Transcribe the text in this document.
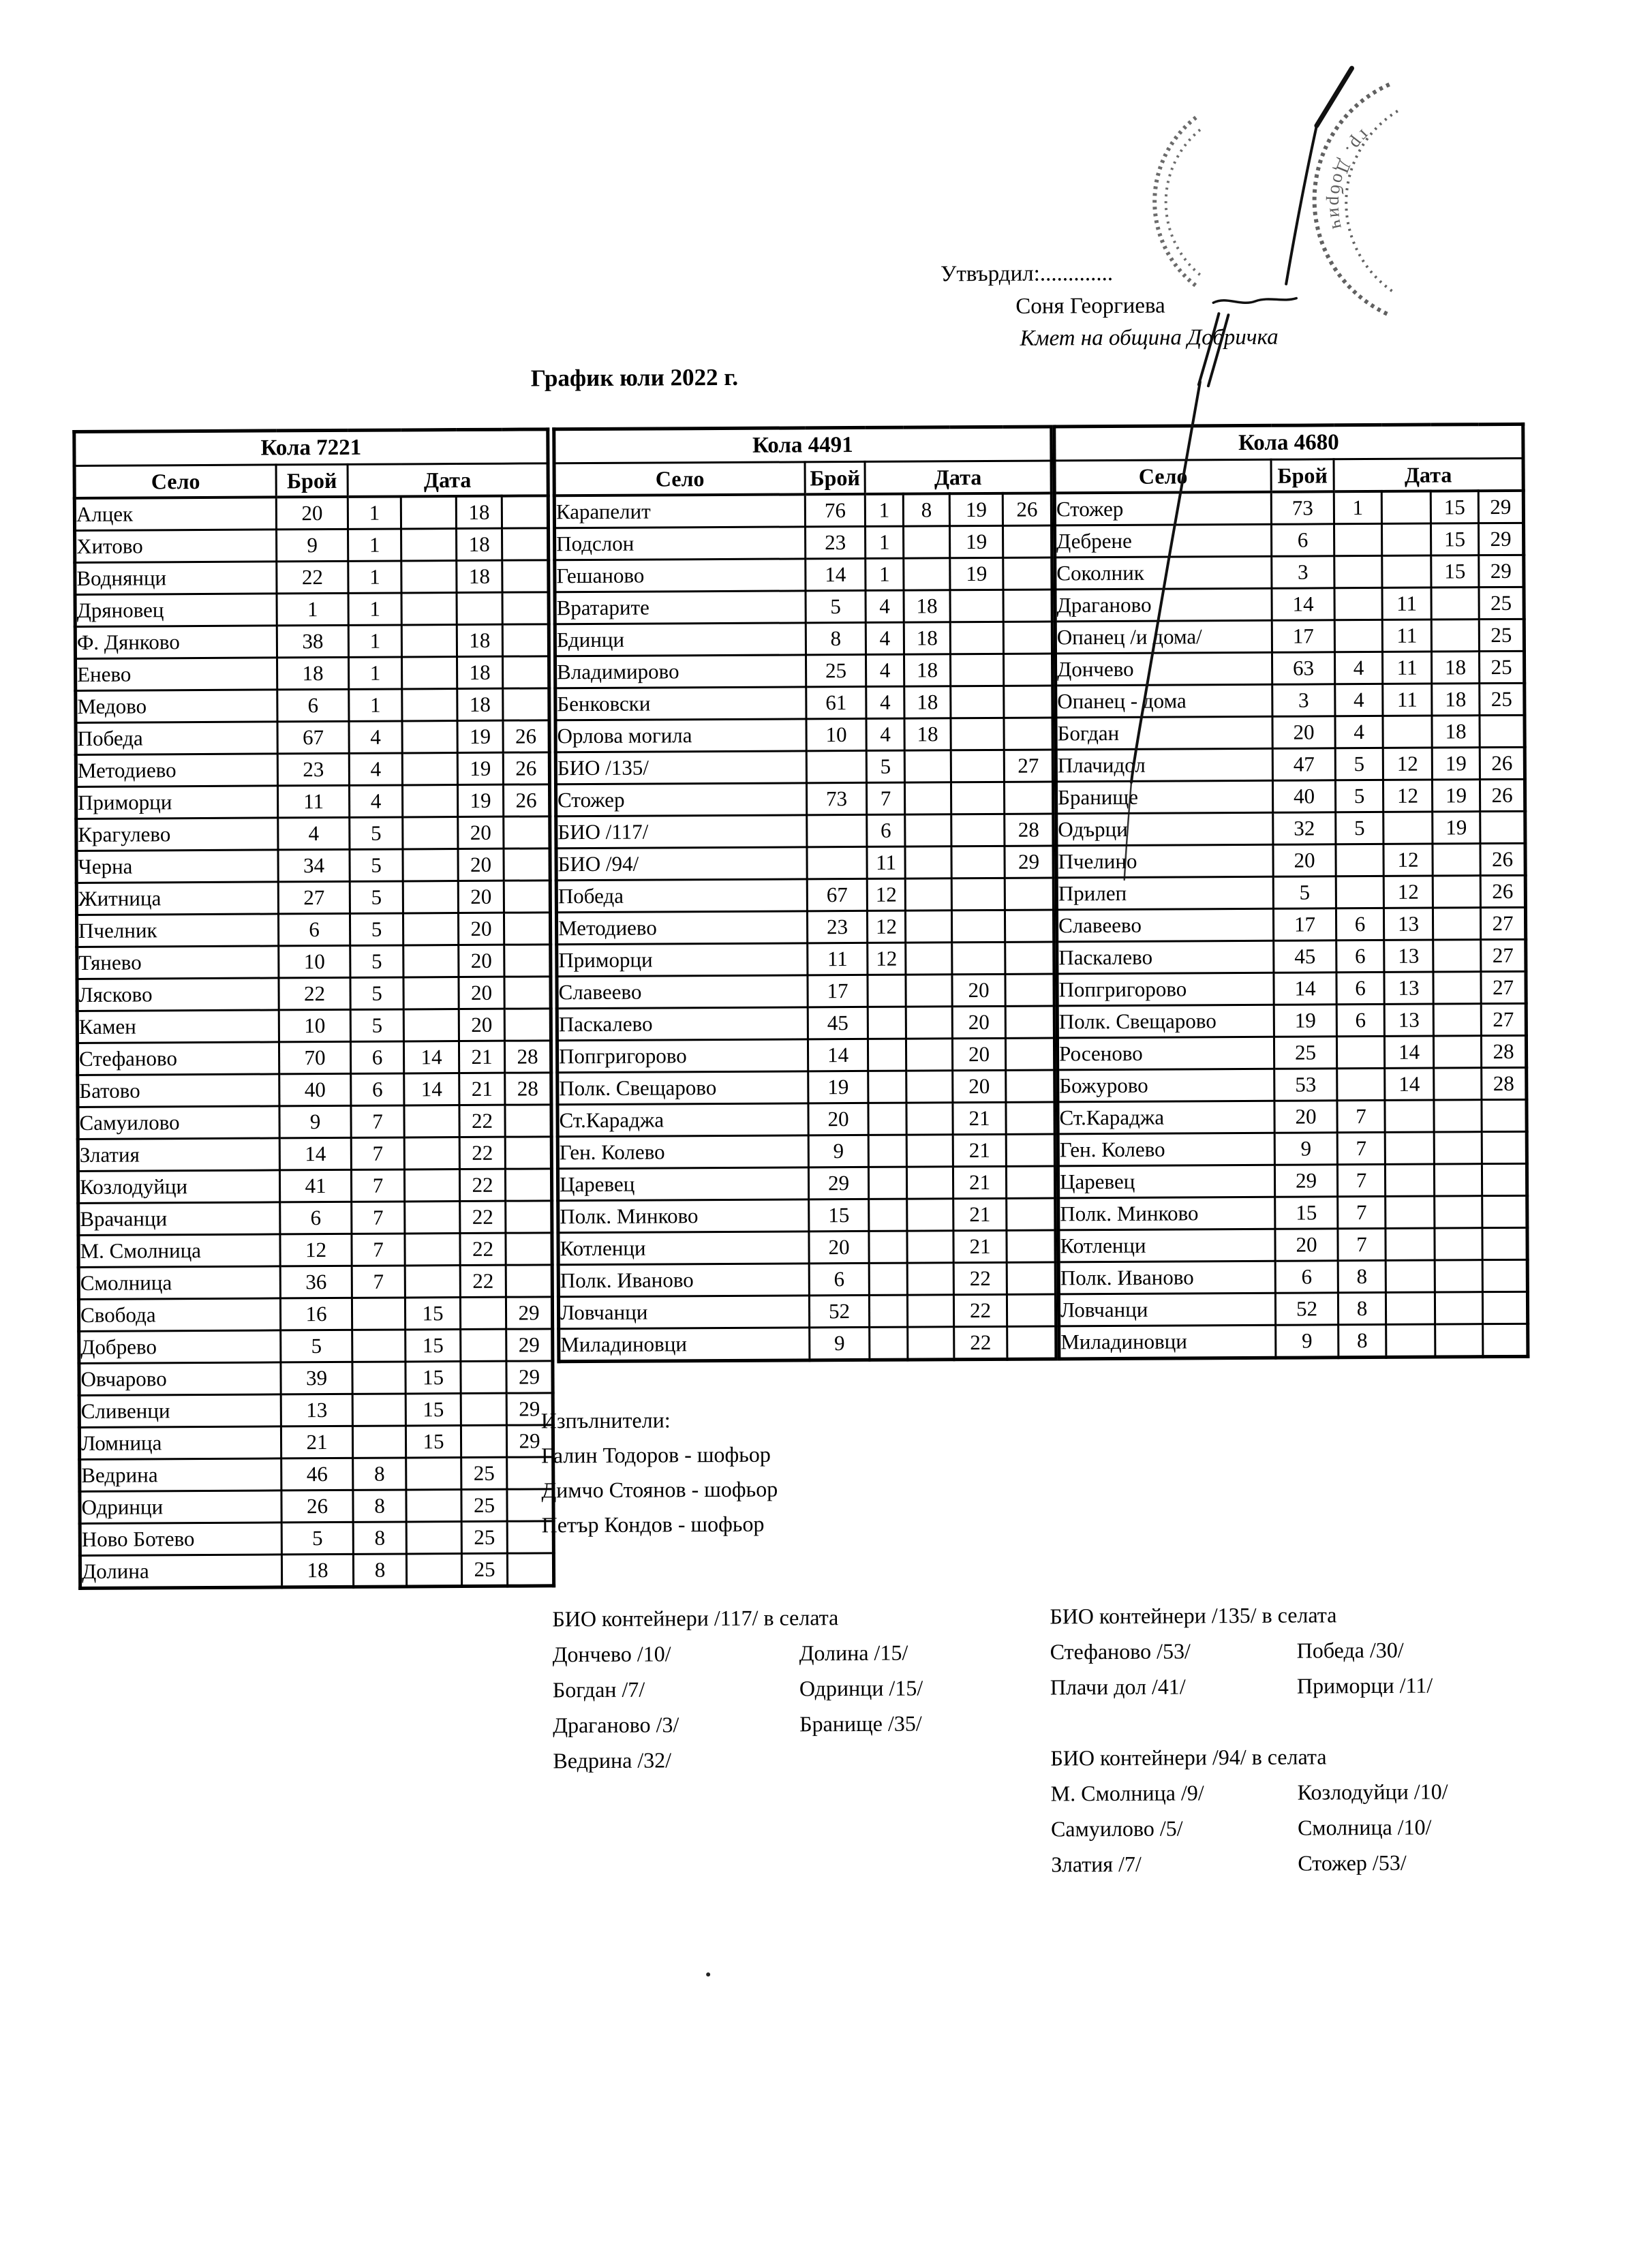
Утвърдил:.............
Соня Георгиева
Кмет на община Добричка
График юли 2022 г.
Кола 7221					
Село	Брой	Дата			
Алцек	20	1		18	
Хитово	9	1		18	
Воднянци	22	1		18	
Дряновец	1	1			
Ф. Дянково	38	1		18	
Енево	18	1		18	
Медово	6	1		18	
Победа	67	4		19	26
Методиево	23	4		19	26
Приморци	11	4		19	26
Крагулево	4	5		20	
Черна	34	5		20	
Житница	27	5		20	
Пчелник	6	5		20	
Тянево	10	5		20	
Лясково	22	5		20	
Камен	10	5		20	
Стефаново	70	6	14	21	28
Батово	40	6	14	21	28
Самуилово	9	7		22	
Златия	14	7		22	
Козлодуйци	41	7		22	
Врачанци	6	7		22	
М. Смолница	12	7		22	
Смолница	36	7		22	
Свобода	16		15		29
Добрево	5		15		29
Овчарово	39		15		29
Сливенци	13		15		29
Ломница	21		15		29
Ведрина	46	8		25	
Одринци	26	8		25	
Ново Ботево	5	8		25	
Долина	18	8		25	
Кола 4491					
Село	Брой	Дата			
Карапелит	76	1	8	19	26
Подслон	23	1		19	
Гешаново	14	1		19	
Вратарите	5	4	18		
Бдинци	8	4	18		
Владимирово	25	4	18		
Бенковски	61	4	18		
Орлова могила	10	4	18		
БИО /135/		5			27
Стожер	73	7			
БИО /117/		6			28
БИО /94/		11			29
Победа	67	12			
Методиево	23	12			
Приморци	11	12			
Славеево	17			20	
Паскалево	45			20	
Попгригорово	14			20	
Полк. Свещарово	19			20	
Ст.Караджа	20			21	
Ген. Колево	9			21	
Царевец	29			21	
Полк. Минково	15			21	
Котленци	20			21	
Полк. Иваново	6			22	
Ловчанци	52			22	
Миладиновци	9			22	
Кола 4680					
Село	Брой	Дата			
Стожер	73	1		15	29
Дебрене	6			15	29
Соколник	3			15	29
Драганово	14		11		25
Опанец /и дома/	17		11		25
Дончево	63	4	11	18	25
Опанец - дома	3	4	11	18	25
Богдан	20	4		18	
Плачидол	47	5	12	19	26
Бранище	40	5	12	19	26
Одърци	32	5		19	
Пчелино	20		12		26
Прилеп	5		12		26
Славеево	17	6	13		27
Паскалево	45	6	13		27
Попгригорово	14	6	13		27
Полк. Свещарово	19	6	13		27
Росеново	25		14		28
Божурово	53		14		28
Ст.Караджа	20	7			
Ген. Колево	9	7			
Царевец	29	7			
Полк. Минково	15	7			
Котленци	20	7			
Полк. Иваново	6	8			
Ловчанци	52	8			
Миладиновци	9	8			
Изпълнители:
Галин Тодоров - шофьор
Димчо Стоянов - шофьор
Петър Кондов - шофьор
БИО контейнери /117/ в селата
Дончево /10/	Долина /15/
Богдан /7/	Одринци /15/
Драганово /3/	Бранище /35/
Ведрина /32/
БИО контейнери /135/ в селата
Стефаново /53/	Победа /30/
Плачи дол /41/	Приморци /11/
БИО контейнери /94/ в селата
М. Смолница /9/	Козлодуйци /10/
Самуилово /5/	Смолница /10/
Златия /7/	Стожер /53/
гр. Добрич
